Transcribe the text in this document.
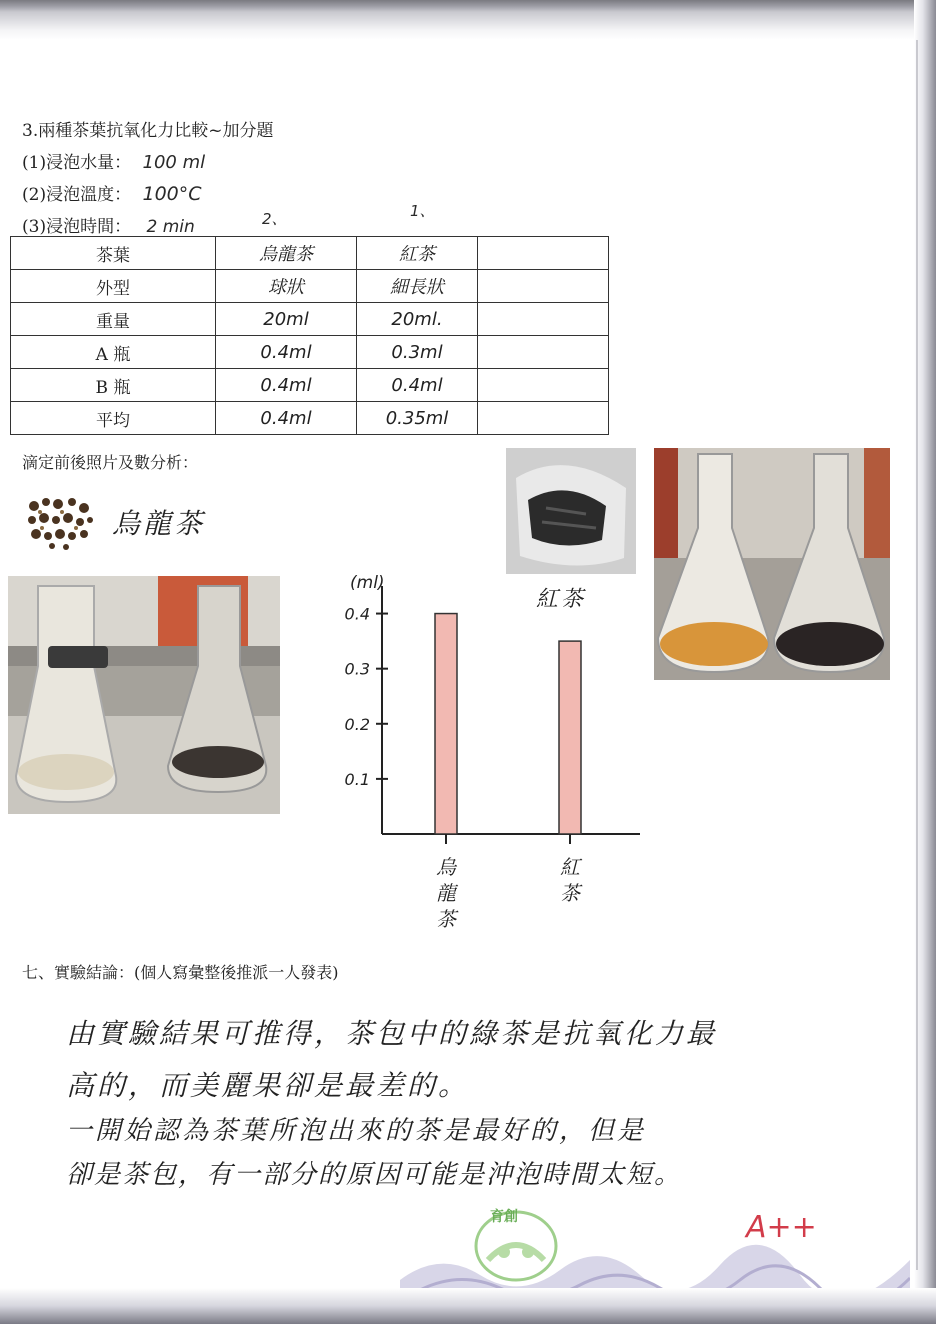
3.兩種茶葉抗氧化力比較~加分題
(1)浸泡水量： 100 ml
(2)浸泡溫度： 100°C
(3)浸泡時間： 2 min	2、	1、
茶葉	烏龍茶	紅茶	
外型	球狀	細長狀	
重量	20ml	20ml.	
A 瓶	0.4ml	0.3ml	
B 瓶	0.4ml	0.4ml	
平均	0.4ml	0.35ml	
滴定前後照片及數分析：
烏龍茶
紅茶
(ml)
0.1
0.2
0.3
0.4
烏龍茶
紅茶
七、實驗結論：(個人寫彙整後推派一人發表)
由實驗結果可推得，茶包中的綠茶是抗氧化力最
高的，而美麗果卻是最差的。
一開始認為茶葉所泡出來的茶是最好的，但是
卻是茶包，有一部分的原因可能是沖泡時間太短。
A++
育創
